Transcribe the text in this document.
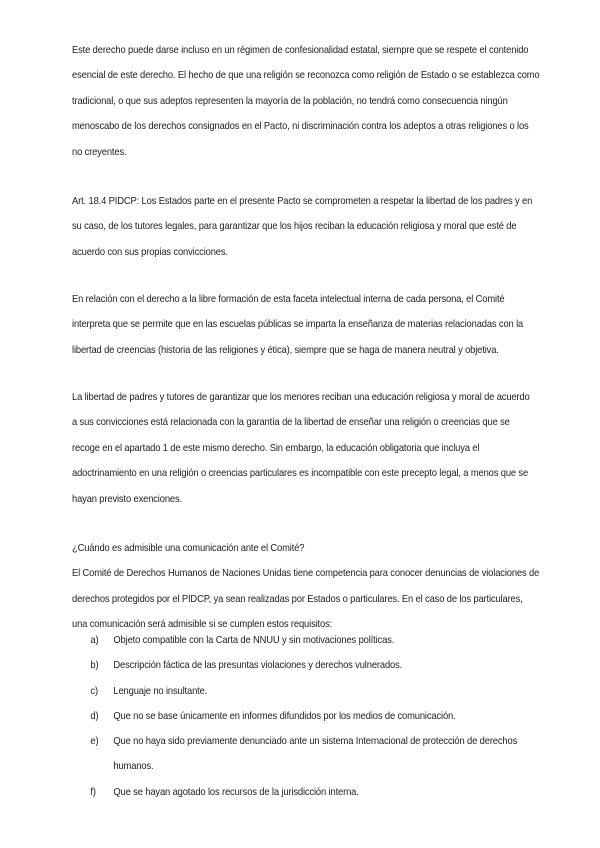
Este derecho puede darse incluso en un régimen de confesionalidad estatal, siempre que se respete el contenido
esencial de este derecho. El hecho de que una religión se reconozca como religión de Estado o se establezca como
tradicional, o que sus adeptos representen la mayoría de la población, no tendrá como consecuencia ningún
menoscabo de los derechos consignados en el Pacto, ni discriminación contra los adeptos a otras religiones o los
no creyentes.
Art. 18.4 PIDCP: Los Estados parte en el presente Pacto se comprometen a respetar la libertad de los padres y en
su caso, de los tutores legales, para garantizar que los hijos reciban la educación religiosa y moral que esté de
acuerdo con sus propias convicciones.
En relación con el derecho a la libre formación de esta faceta intelectual interna de cada persona, el Comité
interpreta que se permite que en las escuelas públicas se imparta la enseñanza de materias relacionadas con la
libertad de creencias (historia de las religiones y ética), siempre que se haga de manera neutral y objetiva.
La libertad de padres y tutores de garantizar que los menores reciban una educación religiosa y moral de acuerdo
a sus convicciones está relacionada con la garantía de la libertad de enseñar una religión o creencias que se
recoge en el apartado 1 de este mismo derecho. Sin embargo, la educación obligatoria que incluya el
adoctrinamiento en una religión o creencias particulares es incompatible con este precepto legal, a menos que se
hayan previsto exenciones.
¿Cuándo es admisible una comunicación ante el Comité?
El Comité de Derechos Humanos de Naciones Unidas tiene competencia para conocer denuncias de violaciones de
derechos protegidos por el PIDCP, ya sean realizadas por Estados o particulares. En el caso de los particulares,
una comunicación será admisible si se cumplen estos requisitos:
a) Objeto compatible con la Carta de NNUU y sin motivaciones políticas.
b) Descripción fáctica de las presuntas violaciones y derechos vulnerados.
c) Lenguaje no insultante.
d) Que no se base únicamente en informes difundidos por los medios de comunicación.
e) Que no haya sido previamente denunciado ante un sistema Internacional de protección de derechos
humanos.
f) Que se hayan agotado los recursos de la jurisdicción interna.
